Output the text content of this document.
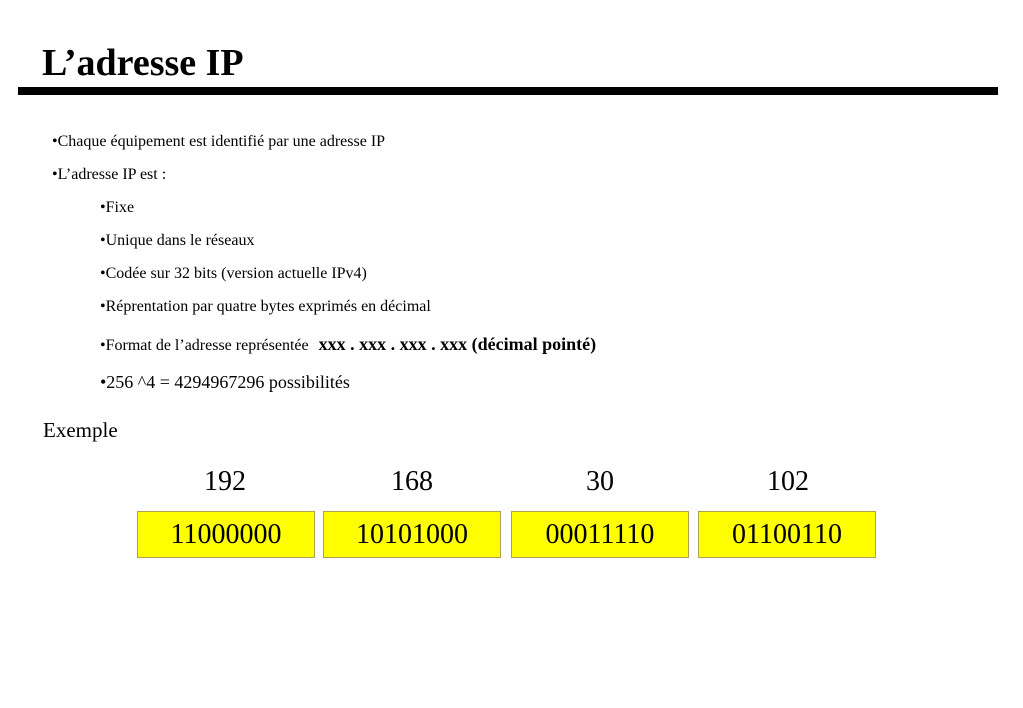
L’adresse IP
•Chaque équipement est identifié par une adresse IP
•L’adresse IP est :
•Fixe
•Unique dans le réseaux
•Codée sur 32 bits (version actuelle IPv4)
•Réprentation par quatre bytes exprimés en décimal
•Format de l’adresse représentée xxx . xxx . xxx . xxx (décimal pointé)
•256 ^4 = 4294967296 possibilités
Exemple
192	168	30	102
11000000	10101000	00011110	01100110
